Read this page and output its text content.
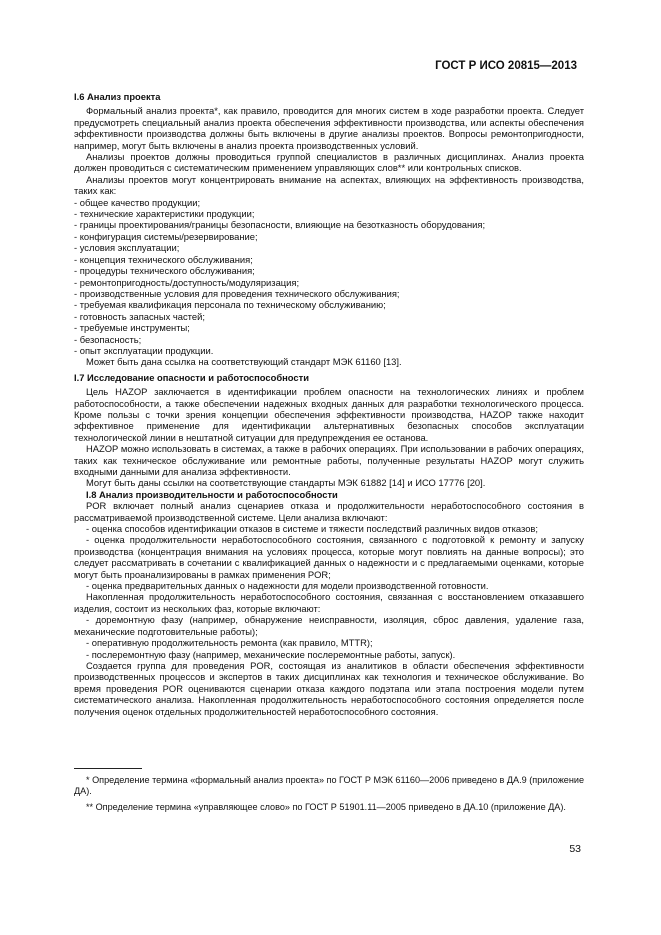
ГОСТ Р ИСО 20815—2013

I.6 Анализ проекта

Формальный анализ проекта*, как правило, проводится для многих систем в ходе разработки проекта. Следует предусмотреть специальный анализ проекта обеспечения эффективности производства, или аспекты обеспечения эффективности производства должны быть включены в другие анализы проектов. Вопросы ремонтопригодности, например, могут быть включены в анализ проекта производственных условий.

Анализы проектов должны проводиться группой специалистов в различных дисциплинах. Анализ проекта должен проводиться с систематическим применением управляющих слов** или контрольных списков.

Анализы проектов могут концентрировать внимание на аспектах, влияющих на эффективность производства, таких как:

- общее качество продукции;

- технические характеристики продукции;

- границы проектирования/границы безопасности, влияющие на безотказность оборудования;

- конфигурация системы/резервирование;

- условия эксплуатации;

- концепция технического обслуживания;

- процедуры технического обслуживания;

- ремонтопригодность/доступность/модуляризация;

- производственные условия для проведения технического обслуживания;

- требуемая квалификация персонала по техническому обслуживанию;

- готовность запасных частей;

- требуемые инструменты;

- безопасность;

- опыт эксплуатации продукции.

Может быть дана ссылка на соответствующий стандарт МЭК 61160 [13].

I.7 Исследование опасности и работоспособности

Цель HAZOP заключается в идентификации проблем опасности на технологических линиях и проблем работоспособности, а также обеспечении надежных входных данных для разработки технологического процесса. Кроме пользы с точки зрения концепции обеспечения эффективности производства, HAZOP также находит эффективное применение для идентификации альтернативных безопасных способов эксплуатации технологической линии в нештатной ситуации для предупреждения ее останова.

HAZOP можно использовать в системах, а также в рабочих операциях. При использовании в рабочих операциях, таких как техническое обслуживание или ремонтные работы, полученные результаты HAZOP могут служить входными данными для анализа эффективности.

Могут быть даны ссылки на соответствующие стандарты МЭК 61882 [14] и ИСО 17776 [20].

I.8 Анализ производительности и работоспособности

POR включает полный анализ сценариев отказа и продолжительности неработоспособного состояния в рассматриваемой производственной системе. Цели анализа включают:

- оценка способов идентификации отказов в системе и тяжести последствий различных видов отказов;

- оценка продолжительности неработоспособного состояния, связанного с подготовкой к ремонту и запуску производства (концентрация внимания на условиях процесса, которые могут повлиять на данные вопросы); это следует рассматривать в сочетании с квалификацией данных о надежности и с предлагаемыми оценками, которые могут быть проанализированы в рамках применения POR;

- оценка предварительных данных о надежности для модели производственной готовности.

Накопленная продолжительность неработоспособного состояния, связанная с восстановлением отказавшего изделия, состоит из нескольких фаз, которые включают:

- доремонтную фазу (например, обнаружение неисправности, изоляция, сброс давления, удаление газа, механические подготовительные работы);

- оперативную продолжительность ремонта (как правило, MTTR);

- послеремонтную фазу (например, механические послеремонтные работы, запуск).

Создается группа для проведения POR, состоящая из аналитиков в области обеспечения эффективности производственных процессов и экспертов в таких дисциплинах как технология и техническое обслуживание. Во время проведения POR оцениваются сценарии отказа каждого подэтапа или этапа построения модели путем систематического анализа. Накопленная продолжительность неработоспособного состояния определяется после получения оценок отдельных продолжительностей неработоспособного состояния.

* Определение термина «формальный анализ проекта» по ГОСТ Р МЭК 61160—2006 приведено в ДА.9 (приложение ДА).

** Определение термина «управляющее слово» по ГОСТ Р 51901.11—2005 приведено в ДА.10 (приложение ДА).

53
